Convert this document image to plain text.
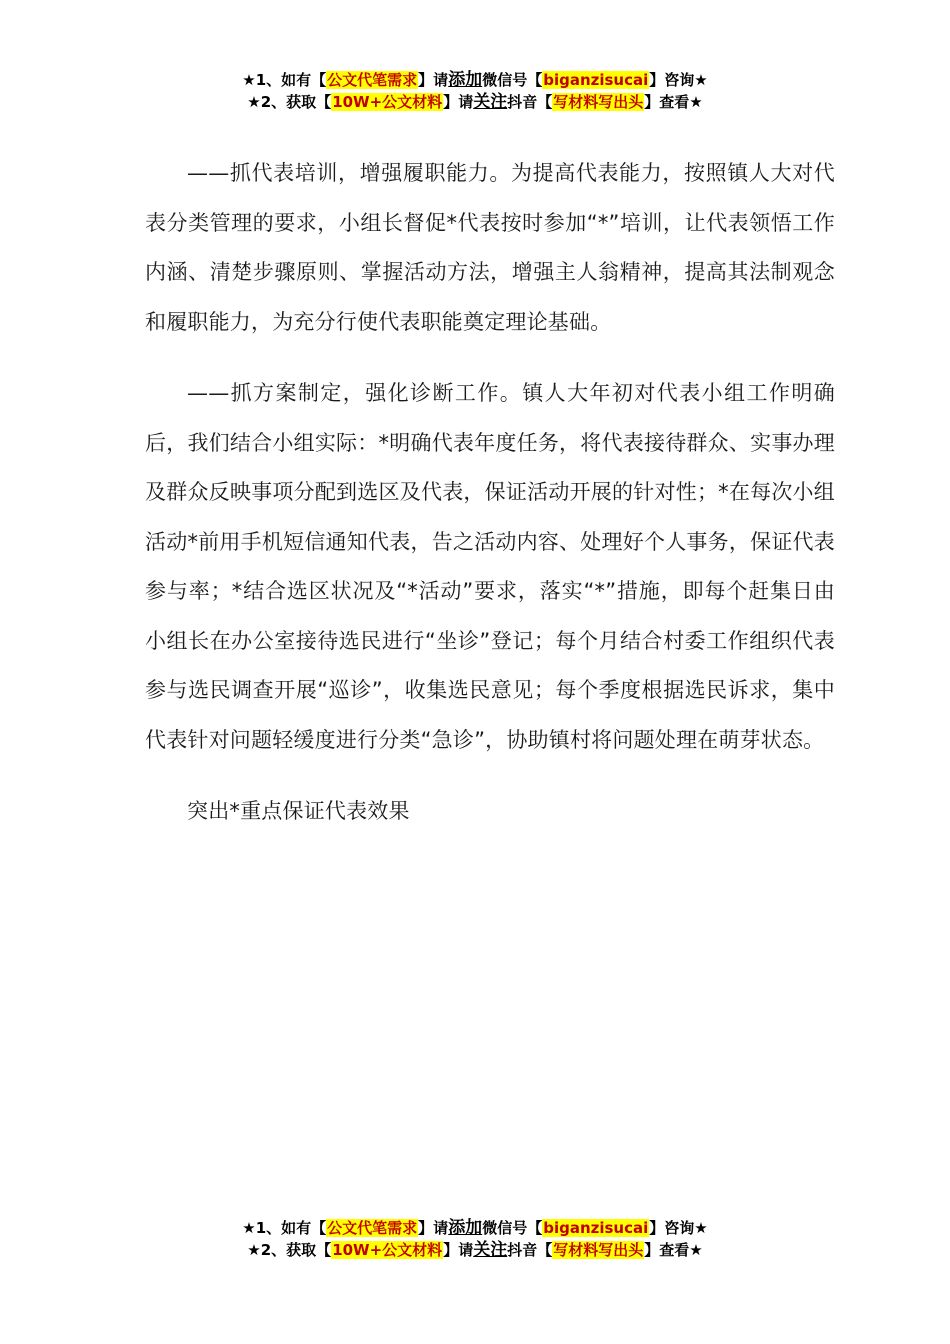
★1、如有【公文代笔需求】请添加微信号【biganzisucai】咨询★
★2、获取【10W+公文材料】请关注抖音【写材料写出头】查看★

——抓代表培训，增强履职能力。为提高代表能力，按照镇人大对代表分类管理的要求，小组长督促*代表按时参加“*”培训，让代表领悟工作内涵、清楚步骤原则、掌握活动方法，增强主人翁精神，提高其法制观念和履职能力，为充分行使代表职能奠定理论基础。

——抓方案制定，强化诊断工作。镇人大年初对代表小组工作明确后，我们结合小组实际：*明确代表年度任务，将代表接待群众、实事办理及群众反映事项分配到选区及代表，保证活动开展的针对性；*在每次小组活动*前用手机短信通知代表，告之活动内容、处理好个人事务，保证代表参与率；*结合选区状况及“*活动”要求，落实“*”措施，即每个赶集日由小组长在办公室接待选民进行“坐诊”登记；每个月结合村委工作组织代表参与选民调查开展“巡诊”，收集选民意见；每个季度根据选民诉求，集中代表针对问题轻缓度进行分类“急诊”，协助镇村将问题处理在萌芽状态。

突出*重点保证代表效果

★1、如有【公文代笔需求】请添加微信号【biganzisucai】咨询★
★2、获取【10W+公文材料】请关注抖音【写材料写出头】查看★
